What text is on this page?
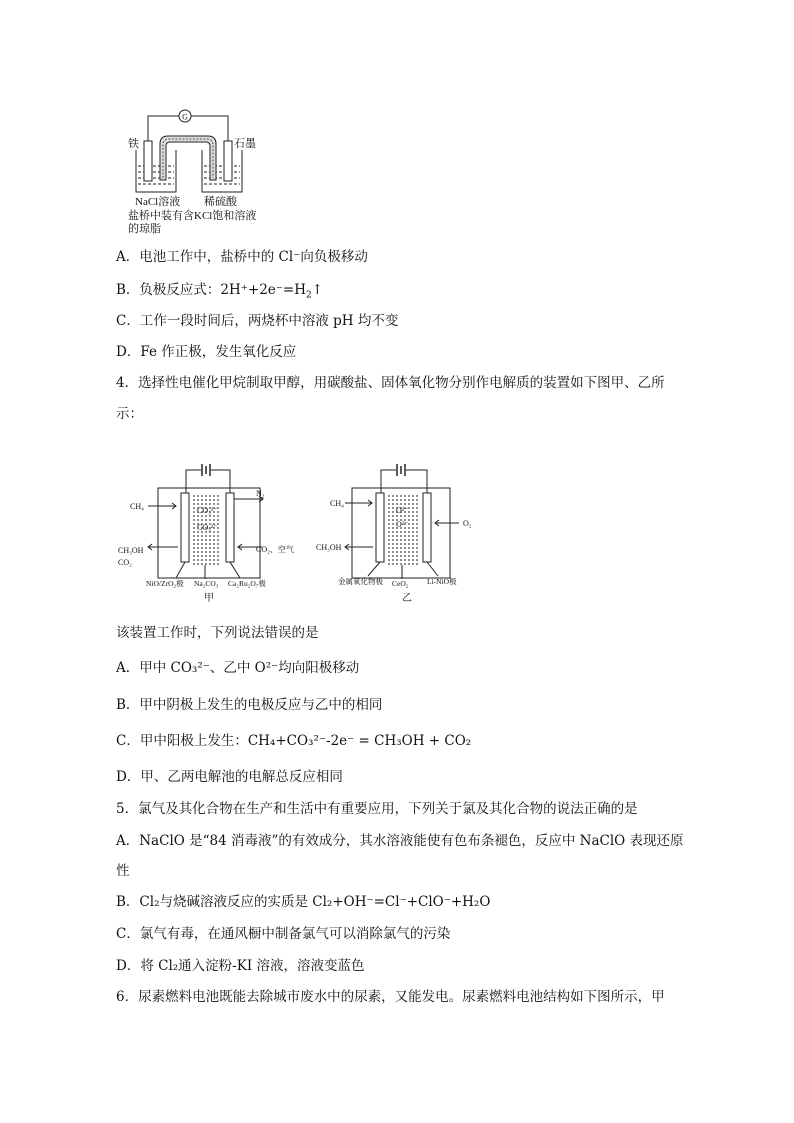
G
铁	石墨
NaCl溶液 稀硫酸
盐桥中装有含KCl饱和溶液
的琼脂
A．电池工作中，盐桥中的 Cl⁻向负极移动
B．负极反应式：$2H^++2e^-=H_2↑$
C．工作一段时间后，两烧杯中溶液 pH 均不变
D．Fe 作正极，发生氧化反应
4．选择性电催化甲烷制取甲醇，用碳酸盐、固体氧化物分别作电解质的装置如下图甲、乙所
示：
CH₄
N₂
CO₃²⁻
CO₃²⁻
CH₃OH
CO₂
CO₂、空气
NiO/ZrO₂极 Na₂CO₃ Ca₂Ru₂O₇极
甲
CH₄
O₂
O²⁻
O²⁻
CH₃OH
金属氧化物极 CeO₂ Li-NiO极
乙
该装置工作时，下列说法错误的是
A．甲中 CO₃²⁻、乙中 O²⁻均向阳极移动
B．甲中阴极上发生的电极反应与乙中的相同
C．甲中阳极上发生：CH₄+CO₃²⁻-2e⁻ = CH₃OH + CO₂
D．甲、乙两电解池的电解总反应相同
5．氯气及其化合物在生产和生活中有重要应用，下列关于氯及其化合物的说法正确的是
A．NaClO 是“84 消毒液”的有效成分，其水溶液能使有色布条褪色，反应中 NaClO 表现还原
性
B．Cl₂与烧碱溶液反应的实质是 Cl₂+OH⁻=Cl⁻+ClO⁻+H₂O
C．氯气有毒，在通风橱中制备氯气可以消除氯气的污染
D．将 Cl₂通入淀粉-KI 溶液，溶液变蓝色
6．尿素燃料电池既能去除城市废水中的尿素，又能发电。尿素燃料电池结构如下图所示，甲
